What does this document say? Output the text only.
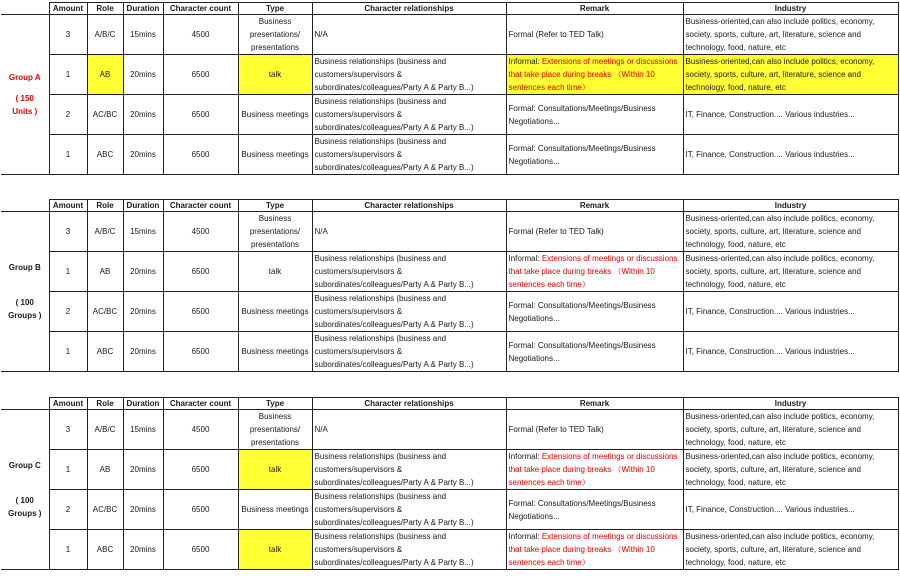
	Amount	Role	Duration	Character count	Type	Character relationships	Remark	Industry

Group A
( 150
Units )	3	A/B/C	15mins	4500	Business presentations/ presentations	N/A	Formal (Refer to TED Talk)	Business-oriented,can also include politics, economy, society, sports, culture, art, literature, science and technology, food, nature, etc
	1	AB	20mins	6500	talk	Business relationships (business and customers/supervisors & subordinates/colleagues/Party A & Party B...)	Informal: Extensions of meetings or discussions that take place during breaks （Within 10 sentences each time）	Business-oriented,can also include politics, economy, society, sports, culture, art, literature, science and technology, food, nature, etc
	2	AC/BC	20mins	6500	Business meetings	Business relationships (business and customers/supervisors & subordinates/colleagues/Party A & Party B...)	Formal: Consultations/Meetings/Business Negotiations...	IT, Finance, Construction.... Various industries...
	1	ABC	20mins	6500	Business meetings	Business relationships (business and customers/supervisors & subordinates/colleagues/Party A & Party B...)	Formal: Consultations/Meetings/Business Negotiations...	IT, Finance, Construction.... Various industries...
	Amount	Role	Duration	Character count	Type	Character relationships	Remark	Industry

Group B
( 100
Groups )	3	A/B/C	15mins	4500	Business presentations/ presentations	N/A	Formal (Refer to TED Talk)	Business-oriented,can also include politics, economy, society, sports, culture, art, literature, science and technology, food, nature, etc
	1	AB	20mins	6500	talk	Business relationships (business and customers/supervisors & subordinates/colleagues/Party A & Party B...)	Informal: Extensions of meetings or discussions that take place during breaks （Within 10 sentences each time）	Business-oriented,can also include politics, economy, society, sports, culture, art, literature, science and technology, food, nature, etc
	2	AC/BC	20mins	6500	Business meetings	Business relationships (business and customers/supervisors & subordinates/colleagues/Party A & Party B...)	Formal: Consultations/Meetings/Business Negotiations...	IT, Finance, Construction.... Various industries...
	1	ABC	20mins	6500	Business meetings	Business relationships (business and customers/supervisors & subordinates/colleagues/Party A & Party B...)	Formal: Consultations/Meetings/Business Negotiations...	IT, Finance, Construction.... Various industries...
	Amount	Role	Duration	Character count	Type	Character relationships	Remark	Industry

Group C
( 100
Groups )	3	A/B/C	15mins	4500	Business presentations/ presentations	N/A	Formal (Refer to TED Talk)	Business-oriented,can also include politics, economy, society, sports, culture, art, literature, science and technology, food, nature, etc
	1	AB	20mins	6500	talk	Business relationships (business and customers/supervisors & subordinates/colleagues/Party A & Party B...)	Informal: Extensions of meetings or discussions that take place during breaks （Within 10 sentences each time）	Business-oriented,can also include politics, economy, society, sports, culture, art, literature, science and technology, food, nature, etc
	2	AC/BC	20mins	6500	Business meetings	Business relationships (business and customers/supervisors & subordinates/colleagues/Party A & Party B...)	Formal: Consultations/Meetings/Business Negotiations...	IT, Finance, Construction.... Various industries...
	1	ABC	20mins	6500	talk	Business relationships (business and customers/supervisors & subordinates/colleagues/Party A & Party B...)	Informal: Extensions of meetings or discussions that take place during breaks （Within 10 sentences each time）	Business-oriented,can also include politics, economy, society, sports, culture, art, literature, science and technology, food, nature, etc
